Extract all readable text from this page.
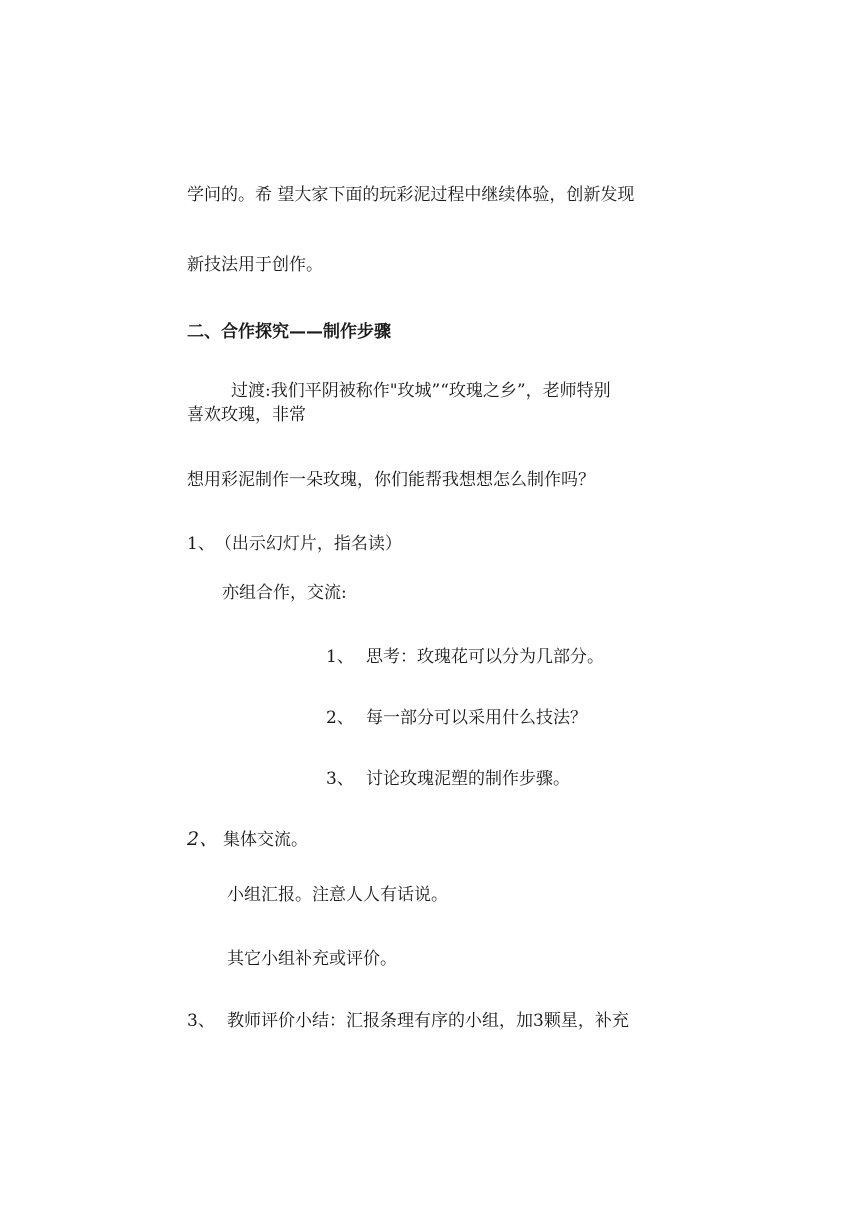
学问的。希 望大家下面的玩彩泥过程中继续体验，创新发现
新技法用于创作。
二、合作探究——制作步骤
过渡:我们平阴被称作"玫城”“玫瑰之乡”，老师特别
喜欢玫瑰，非常
想用彩泥制作一朵玫瑰，你们能帮我想想怎么制作吗？
1、（出示幻灯片，指名读）
亦组合作，交流:
1、 思考：玫瑰花可以分为几部分。
2、 每一部分可以采用什么技法？
3、 讨论玫瑰泥塑的制作步骤。
2、 集体交流。
小组汇报。注意人人有话说。
其它小组补充或评价。
3、 教师评价小结：汇报条理有序的小组，加3颗星，补充
